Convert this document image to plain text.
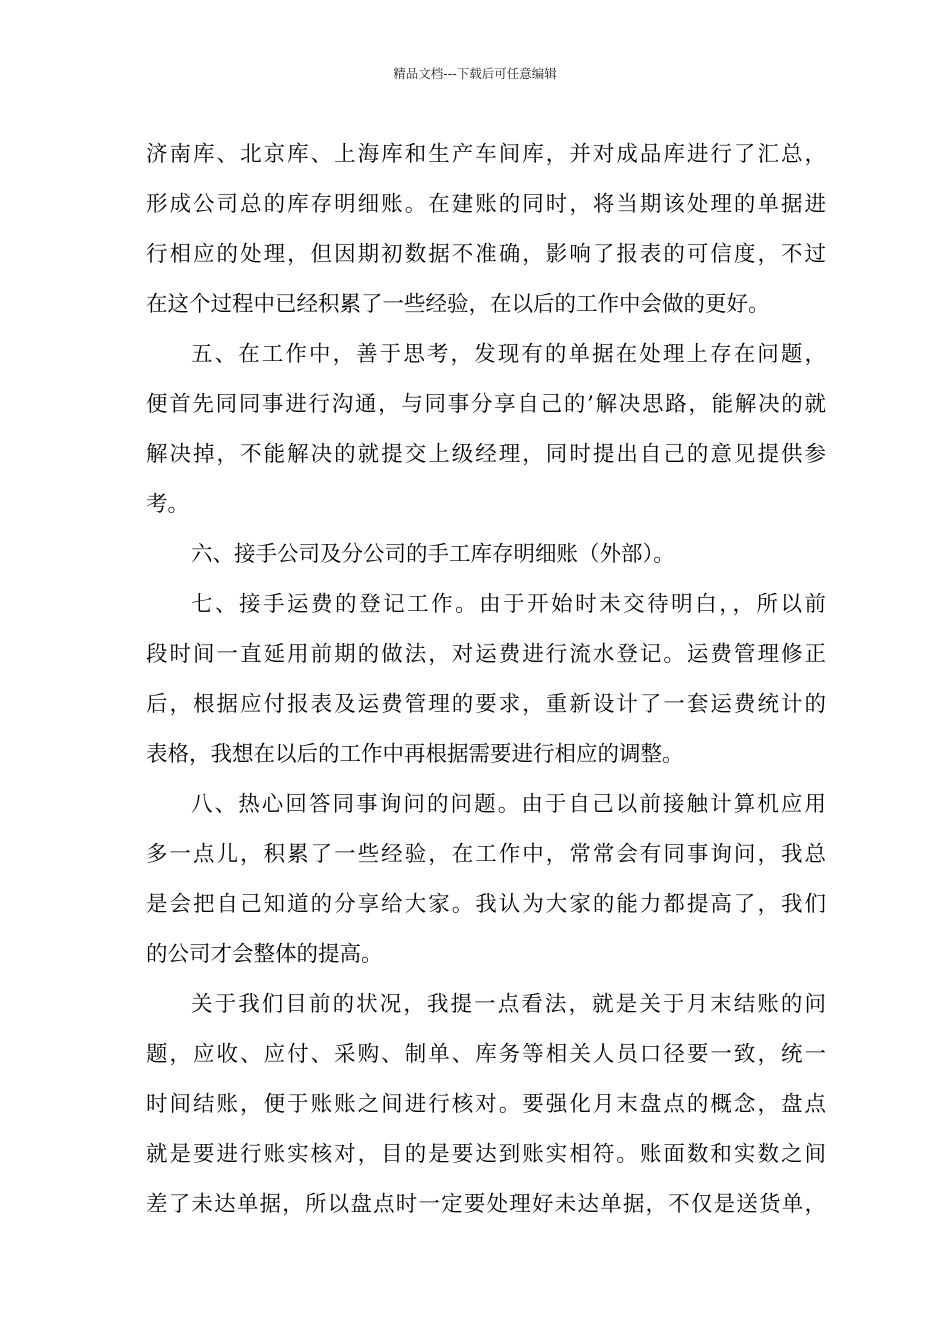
精品文档---下载后可任意编辑
济南库、北京库、上海库和生产车间库，并对成品库进行了汇总，
形成公司总的库存明细账。在建账的同时，将当期该处理的单据进
行相应的处理，但因期初数据不准确，影响了报表的可信度，不过
在这个过程中已经积累了一些经验，在以后的工作中会做的更好。
五、在工作中，善于思考，发现有的单据在处理上存在问题，
便首先同同事进行沟通，与同事分享自己的’解决思路，能解决的就
解决掉，不能解决的就提交上级经理，同时提出自己的意见提供参
考。
六、接手公司及分公司的手工库存明细账（外部）。
七、接手运费的登记工作。由于开始时未交待明白，，所以前
段时间一直延用前期的做法，对运费进行流水登记。运费管理修正
后，根据应付报表及运费管理的要求，重新设计了一套运费统计的
表格，我想在以后的工作中再根据需要进行相应的调整。
八、热心回答同事询问的问题。由于自己以前接触计算机应用
多一点儿，积累了一些经验，在工作中，常常会有同事询问，我总
是会把自己知道的分享给大家。我认为大家的能力都提高了，我们
的公司才会整体的提高。
关于我们目前的状况，我提一点看法，就是关于月末结账的问
题，应收、应付、采购、制单、库务等相关人员口径要一致，统一
时间结账，便于账账之间进行核对。要强化月末盘点的概念，盘点
就是要进行账实核对，目的是要达到账实相符。账面数和实数之间
差了未达单据，所以盘点时一定要处理好未达单据，不仅是送货单，
